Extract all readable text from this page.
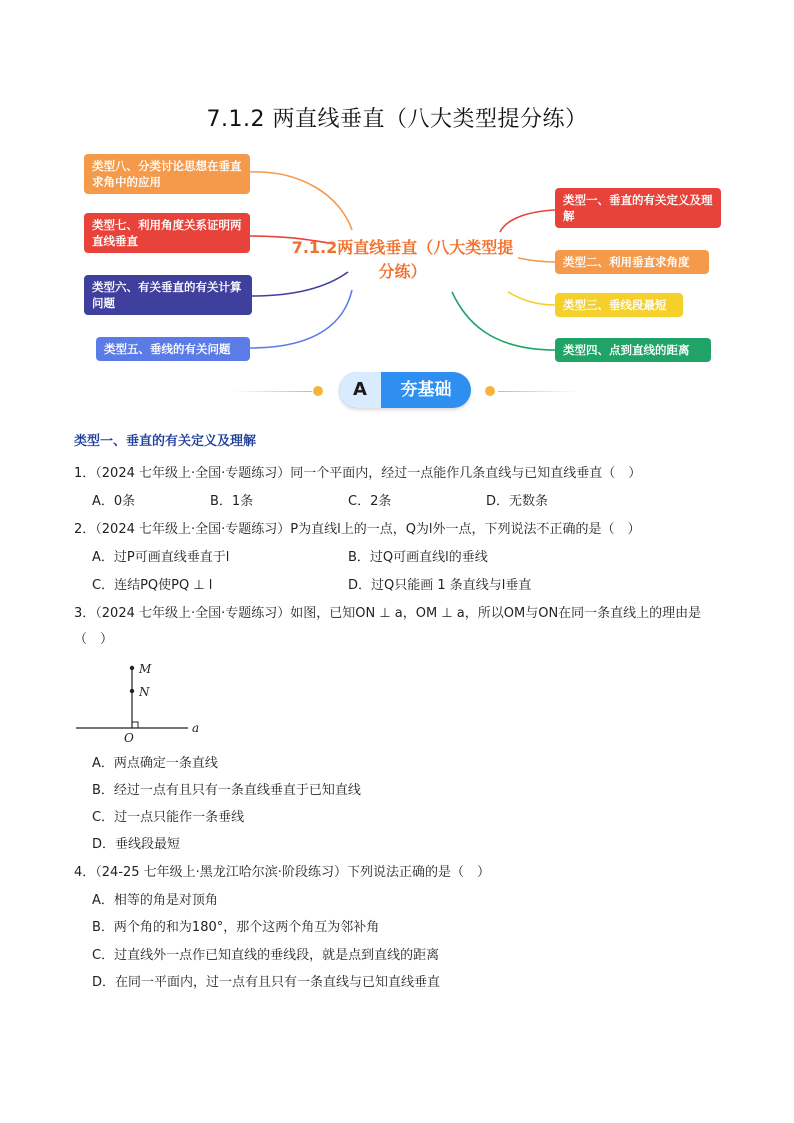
7.1.2 两直线垂直（八大类型提分练）
类型八、分类讨论思想在垂直求角中的应用
类型七、利用角度关系证明两直线垂直
类型六、有关垂直的有关计算问题
类型五、垂线的有关问题
7.1.2两直线垂直（八大类型提分练）
类型一、垂直的有关定义及理解
类型二、利用垂直求角度
类型三、垂线段最短
类型四、点到直线的距离
A	夯基础
类型一、垂直的有关定义及理解
1．（2024 七年级上·全国·专题练习）同一个平面内，经过一点能作几条直线与已知直线垂直（　）
A．0条	B．1条	C．2条	D．无数条
2．（2024 七年级上·全国·专题练习）P为直线l上的一点，Q为l外一点，下列说法不正确的是（　）
A．过P可画直线垂直于l	B．过Q可画直线l的垂线
C．连结PQ使PQ ⊥ l	D．过Q只能画 1 条直线与l垂直
3．（2024 七年级上·全国·专题练习）如图，已知ON ⊥ a，OM ⊥ a，所以OM与ON在同一条直线上的理由是
（　）
M
N
O
a
A．两点确定一条直线
B．经过一点有且只有一条直线垂直于已知直线
C．过一点只能作一条垂线
D．垂线段最短
4．（24-25 七年级上·黑龙江哈尔滨·阶段练习）下列说法正确的是（　）
A．相等的角是对顶角
B．两个角的和为180°，那个这两个角互为邻补角
C．过直线外一点作已知直线的垂线段，就是点到直线的距离
D．在同一平面内，过一点有且只有一条直线与已知直线垂直
